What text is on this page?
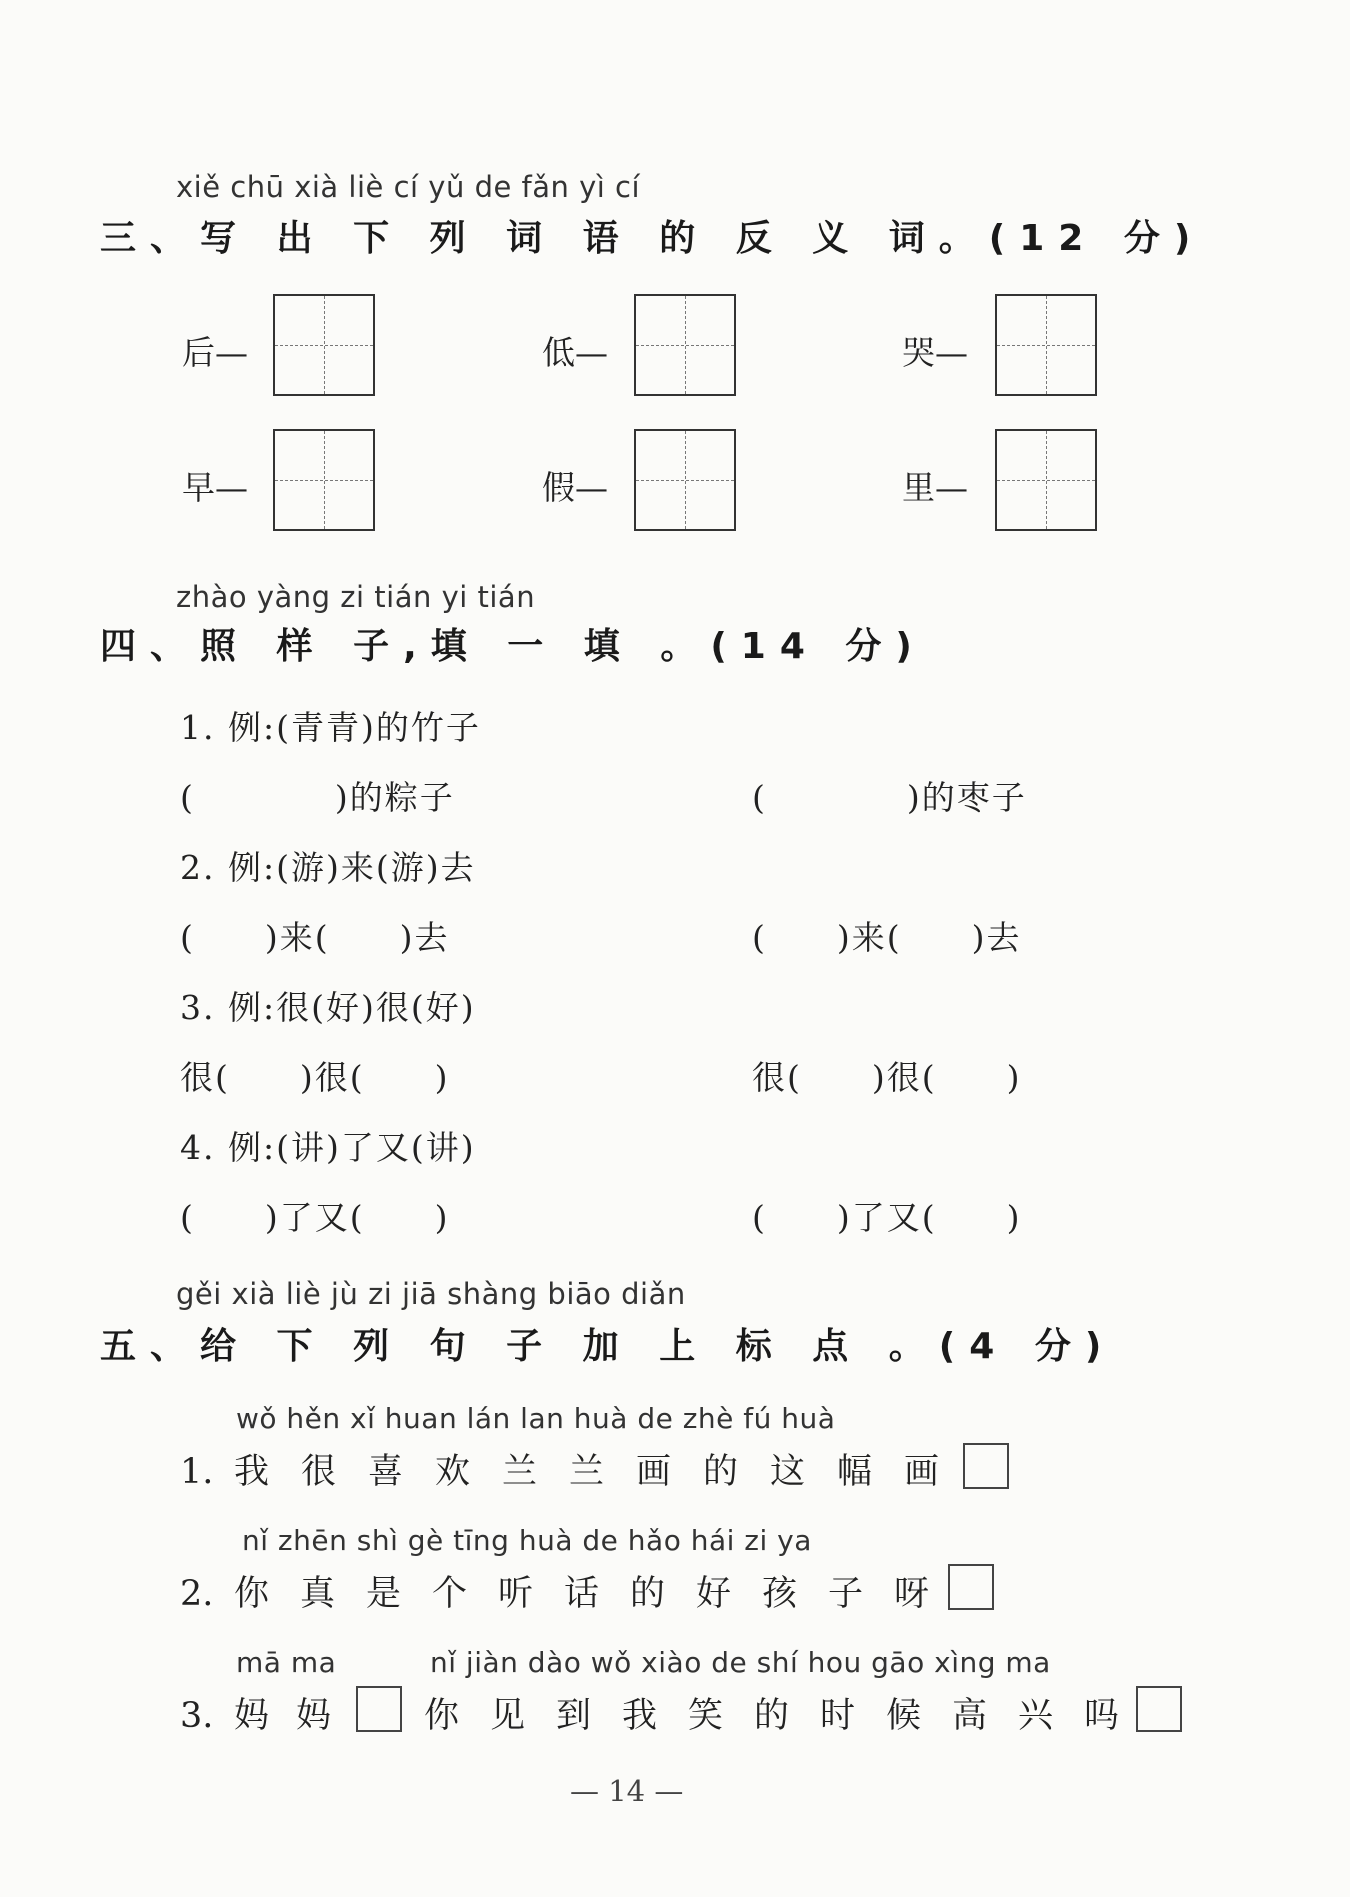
xiě chū xià liè cí yǔ de fǎn yì cí
三、写 出 下 列 词 语 的 反 义 词。(12 分)
后—	低—	哭—
早—	假—	里—
zhào yàng zi tián yi tián
四、照 样 子,填 一 填 。(14 分)
1. 例:(青青)的竹子
(　　　　)的粽子	(　　　　)的枣子
2. 例:(游)来(游)去
(　　)来(　　)去	(　　)来(　　)去
3. 例:很(好)很(好)
很(　　)很(　　)	很(　　)很(　　)
4. 例:(讲)了又(讲)
(　　)了又(　　)	(　　)了又(　　)
gěi xià liè jù zi jiā shàng biāo diǎn
五、给 下 列 句 子 加 上 标 点 。(4 分)
wǒ hěn xǐ huan lán lan huà de zhè fú huà
1. 我 很 喜 欢 兰 兰 画 的 这 幅 画
nǐ zhēn shì gè tīng huà de hǎo hái zi ya
2. 你 真 是 个 听 话 的 好 孩 子 呀
mā ma	nǐ jiàn dào wǒ xiào de shí hou gāo xìng ma
3. 妈 妈	你 见 到 我 笑 的 时 候 高 兴 吗
— 14 —
